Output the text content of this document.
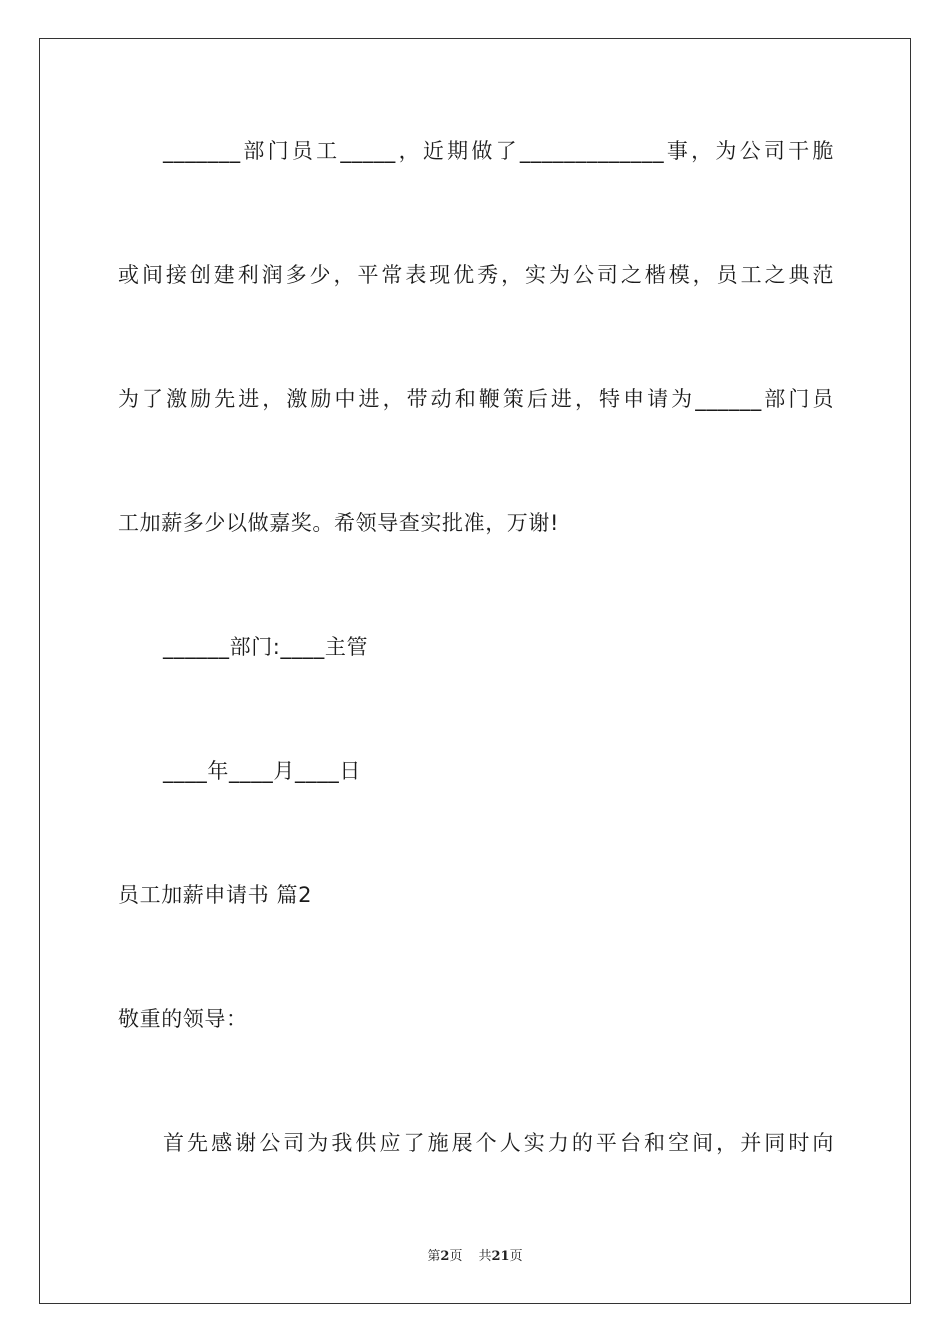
_______部门员工_____，近期做了_____________事，为公司干脆
或间接创建利润多少，平常表现优秀，实为公司之楷模，员工之典范
为了激励先进，激励中进，带动和鞭策后进，特申请为______部门员
工加薪多少以做嘉奖。希领导查实批准，万谢!
______部门:____主管
____年____月____日
员工加薪申请书 篇2
敬重的领导：
首先感谢公司为我供应了施展个人实力的平台和空间，并同时向
第2页 共21页
